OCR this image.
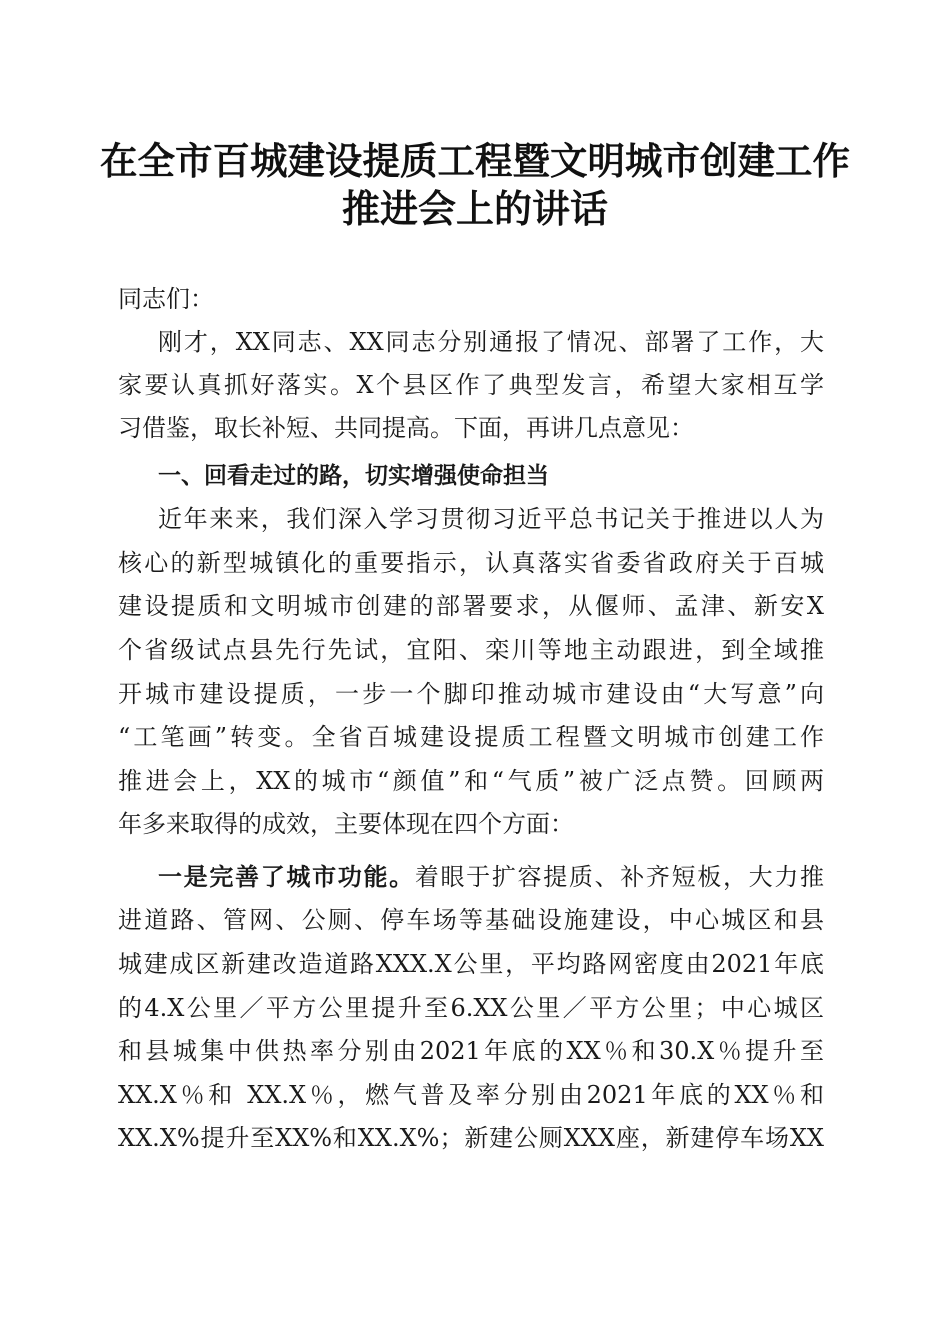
在全市百城建设提质工程暨文明城市创建工作
推进会上的讲话
同志们：
刚才，XX同志、XX同志分别通报了情况、部署了工作，大
家要认真抓好落实。X个县区作了典型发言，希望大家相互学
习借鉴，取长补短、共同提高。下面，再讲几点意见：
一、回看走过的路，切实增强使命担当
近年来来，我们深入学习贯彻习近平总书记关于推进以人为
核心的新型城镇化的重要指示，认真落实省委省政府关于百城
建设提质和文明城市创建的部署要求，从偃师、孟津、新安X
个省级试点县先行先试，宜阳、栾川等地主动跟进，到全域推
开城市建设提质，一步一个脚印推动城市建设由“大写意”向
“工笔画”转变。全省百城建设提质工程暨文明城市创建工作
推进会上，XX的城市“颜值”和“气质”被广泛点赞。回顾两
年多来取得的成效，主要体现在四个方面：
一是完善了城市功能。着眼于扩容提质、补齐短板，大力推
进道路、管网、公厕、停车场等基础设施建设，中心城区和县
城建成区新建改造道路XXX.X公里，平均路网密度由2021年底
的4.X公里／平方公里提升至6.XX公里／平方公里；中心城区
和县城集中供热率分别由2021年底的XX％和30.X％提升至
XX.X％和 XX.X％，燃气普及率分别由2021年底的XX％和
XX.X%提升至XX%和XX.X%；新建公厕XXX座，新建停车场XX
